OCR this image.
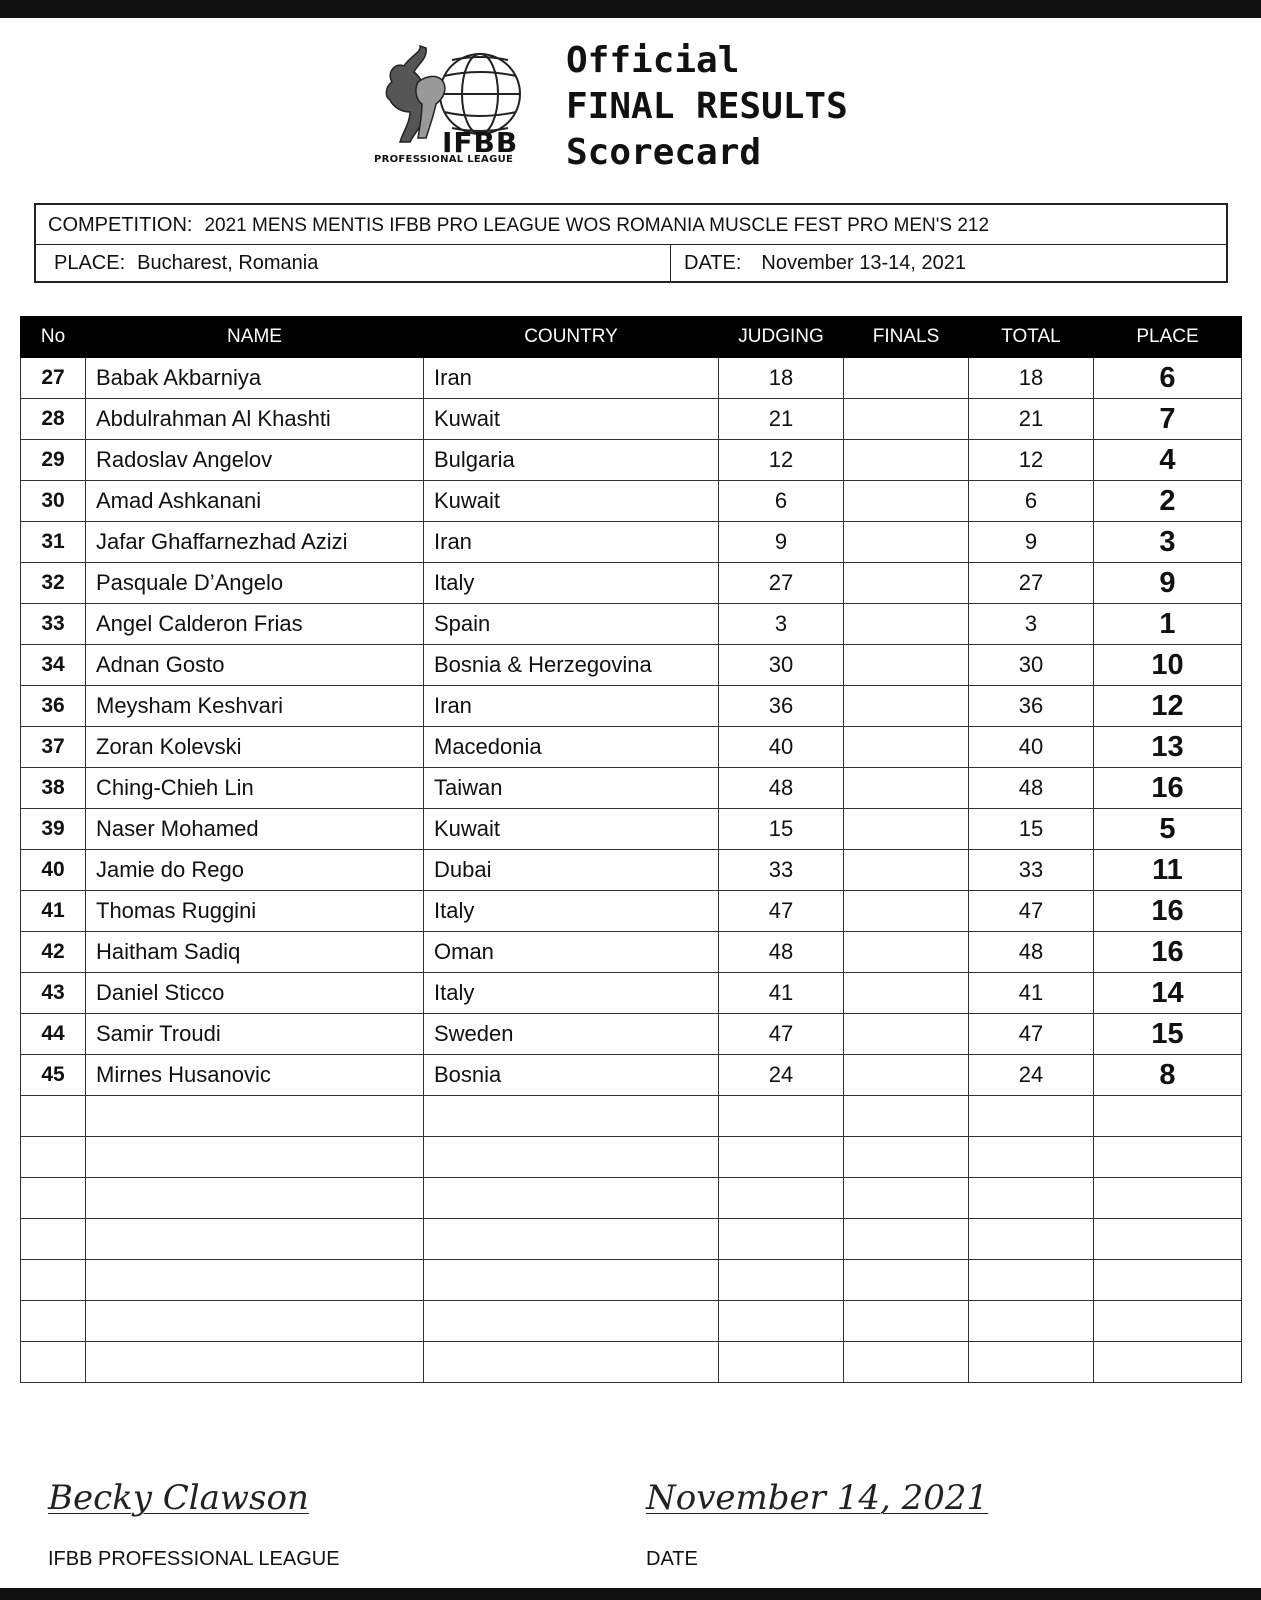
IFBB
PROFESSIONAL LEAGUE
Official
FINAL RESULTS
Scorecard
COMPETITION: 2021 MENS MENTIS IFBB PRO LEAGUE WOS ROMANIA MUSCLE FEST PRO MEN'S 212
PLACE: Bucharest, Romania	DATE: November 13-14, 2021
No	NAME	COUNTRY	JUDGING	FINALS	TOTAL	PLACE
27	Babak Akbarniya	Iran	18		18	6
28	Abdulrahman Al Khashti	Kuwait	21		21	7
29	Radoslav Angelov	Bulgaria	12		12	4
30	Amad Ashkanani	Kuwait	6		6	2
31	Jafar Ghaffarnezhad Azizi	Iran	9		9	3
32	Pasquale D’Angelo	Italy	27		27	9
33	Angel Calderon Frias	Spain	3		3	1
34	Adnan Gosto	Bosnia & Herzegovina	30		30	10
36	Meysham Keshvari	Iran	36		36	12
37	Zoran Kolevski	Macedonia	40		40	13
38	Ching-Chieh Lin	Taiwan	48		48	16
39	Naser Mohamed	Kuwait	15		15	5
40	Jamie do Rego	Dubai	33		33	11
41	Thomas Ruggini	Italy	47		47	16
42	Haitham Sadiq	Oman	48		48	16
43	Daniel Sticco	Italy	41		41	14
44	Samir Troudi	Sweden	47		47	15
45	Mirnes Husanovic	Bosnia	24		24	8

Becky Clawson	November 14, 2021
IFBB PROFESSIONAL LEAGUE	DATE
